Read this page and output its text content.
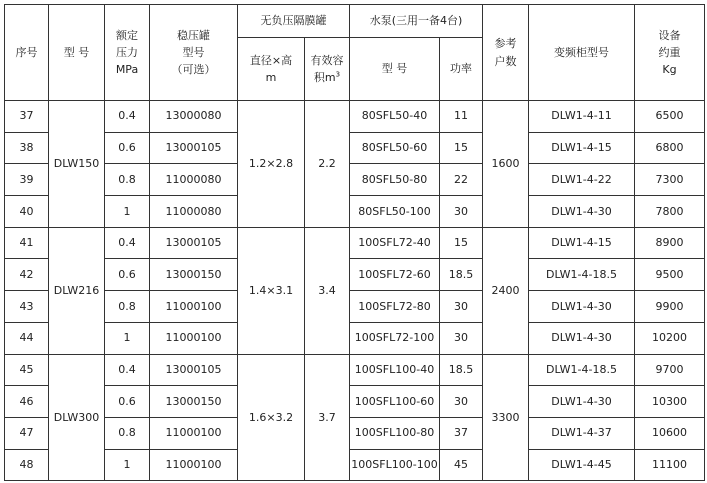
序号	型 号	额定
压力
MPa	稳压罐
型号
（可选）	无负压隔膜罐		水泵(三用一备4台)		参考
户数	变频柜型号	设备
约重
Kg
				直径×高
m	有效容
积$m^3$	型 号	功率			
37	DLW150	0.4	13000080	1.2×2.8	2.2	80SFL50-40	11	1600	DLW1-4-11	6500
38		0.6	13000105			80SFL50-60	15		DLW1-4-15	6800
39		0.8	11000080			80SFL50-80	22		DLW1-4-22	7300
40		1	11000080			80SFL50-100	30		DLW1-4-30	7800
41	DLW216	0.4	13000105	1.4×3.1	3.4	100SFL72-40	15	2400	DLW1-4-15	8900
42		0.6	13000150			100SFL72-60	18.5		DLW1-4-18.5	9500
43		0.8	11000100			100SFL72-80	30		DLW1-4-30	9900
44		1	11000100			100SFL72-100	30		DLW1-4-30	10200
45	DLW300	0.4	13000105	1.6×3.2	3.7	100SFL100-40	18.5	3300	DLW1-4-18.5	9700
46		0.6	13000150			100SFL100-60	30		DLW1-4-30	10300
47		0.8	11000100			100SFL100-80	37		DLW1-4-37	10600
48		1	11000100			100SFL100-100	45		DLW1-4-45	11100
